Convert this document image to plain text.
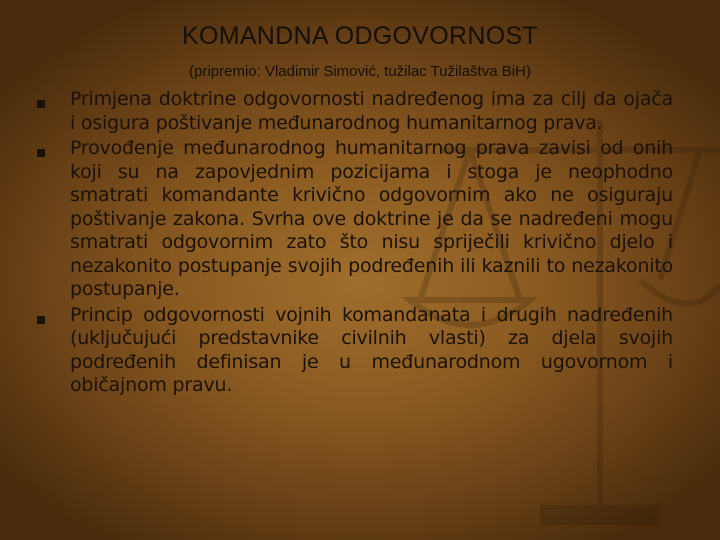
KOMANDNA ODGOVORNOST
(pripremio: Vladimir Simović, tužilac Tužilaštva BiH)
Primjena doktrine odgovornosti nadređenog ima za cilj da ojača i osigura poštivanje međunarodnog humanitarnog prava.
Provođenje međunarodnog humanitarnog prava zavisi od onih koji su na zapovjednim pozicijama i stoga je neophodno smatrati komandante krivično odgovornim ako ne osiguraju poštivanje zakona. Svrha ove doktrine je da se nadređeni mogu smatrati odgovornim zato što nisu spriječili krivično djelo i nezakonito postupanje svojih podređenih ili kaznili to nezakonito postupanje.
Princip odgovornosti vojnih komandanata i drugih nadređenih (uključujući predstavnike civilnih vlasti) za djela svojih podređenih definisan je u međunarodnom ugovornom i običajnom pravu.
